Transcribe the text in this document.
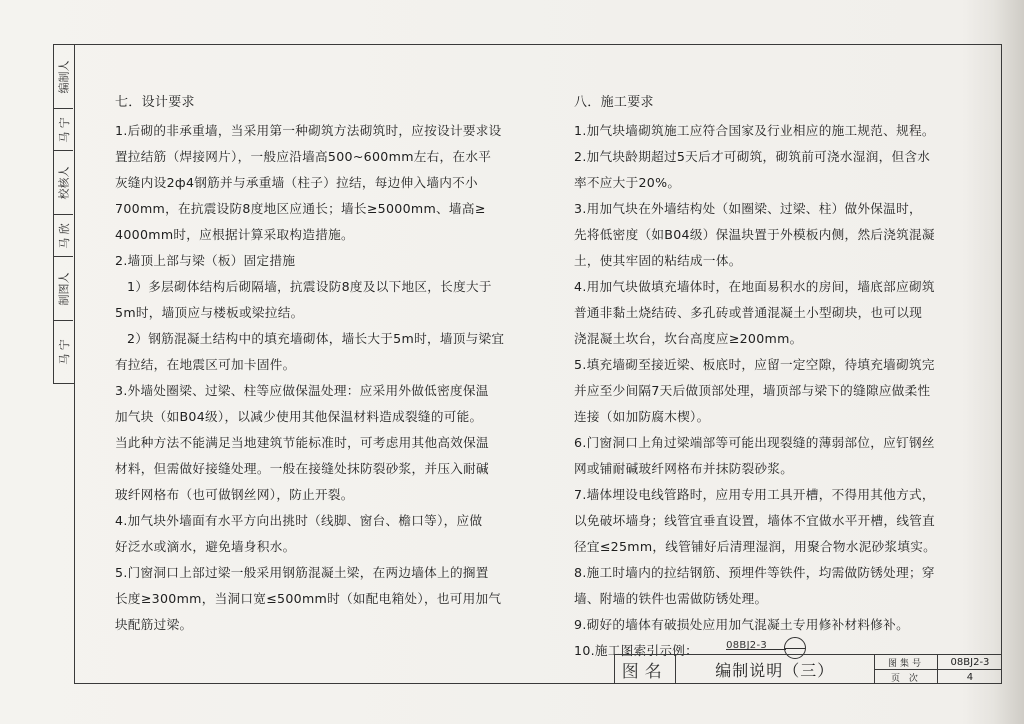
编制人
马 宁
校核人
马 欣
制图人
马 宁
七．设计要求
1.后砌的非承重墙，当采用第一种砌筑方法砌筑时，应按设计要求设
置拉结筋（焊接网片），一般应沿墙高500~600mm左右，在水平
灰缝内设2ф4钢筋并与承重墙（柱子）拉结，每边伸入墙内不小
700mm，在抗震设防8度地区应通长；墙长≥5000mm、墙高≥
4000mm时，应根据计算采取构造措施。
2.墙顶上部与梁（板）固定措施
1）多层砌体结构后砌隔墙，抗震设防8度及以下地区，长度大于
5m时，墙顶应与楼板或梁拉结。
2）钢筋混凝土结构中的填充墙砌体，墙长大于5m时，墙顶与梁宜
有拉结，在地震区可加卡固件。
3.外墙处圈梁、过梁、柱等应做保温处理：应采用外做低密度保温
加气块（如B04级），以减少使用其他保温材料造成裂缝的可能。
当此种方法不能满足当地建筑节能标准时，可考虑用其他高效保温
材料，但需做好接缝处理。一般在接缝处抹防裂砂浆，并压入耐碱
玻纤网格布（也可做钢丝网），防止开裂。
4.加气块外墙面有水平方向出挑时（线脚、窗台、檐口等），应做
好泛水或滴水，避免墙身积水。
5.门窗洞口上部过梁一般采用钢筋混凝土梁，在两边墙体上的搁置
长度≥300mm，当洞口宽≤500mm时（如配电箱处），也可用加气
块配筋过梁。
八．施工要求
1.加气块墙砌筑施工应符合国家及行业相应的施工规范、规程。
2.加气块龄期超过5天后才可砌筑，砌筑前可浇水湿润，但含水
率不应大于20%。
3.用加气块在外墙结构处（如圈梁、过梁、柱）做外保温时，
先将低密度（如B04级）保温块置于外模板内侧，然后浇筑混凝
土，使其牢固的粘结成一体。
4.用加气块做填充墙体时，在地面易积水的房间，墙底部应砌筑
普通非黏土烧结砖、多孔砖或普通混凝土小型砌块，也可以现
浇混凝土坎台，坎台高度应≥200mm。
5.填充墙砌至接近梁、板底时，应留一定空隙，待填充墙砌筑完
并应至少间隔7天后做顶部处理，墙顶部与梁下的缝隙应做柔性
连接（如加防腐木楔）。
6.门窗洞口上角过梁端部等可能出现裂缝的薄弱部位，应钉钢丝
网或铺耐碱玻纤网格布并抹防裂砂浆。
7.墙体埋设电线管路时，应用专用工具开槽，不得用其他方式，
以免破坏墙身；线管宜垂直设置，墙体不宜做水平开槽，线管直
径宜≤25mm，线管铺好后清理湿润，用聚合物水泥砂浆填实。
8.施工时墙内的拉结钢筋、预埋件等铁件，均需做防锈处理；穿
墙、附墙的铁件也需做防锈处理。
9.砌好的墙体有破损处应用加气混凝土专用修补材料修补。
10.施工图索引示例：	08BJ2-3
图名	编制说明（三）	图集号	08BJ2-3
页 次	4
